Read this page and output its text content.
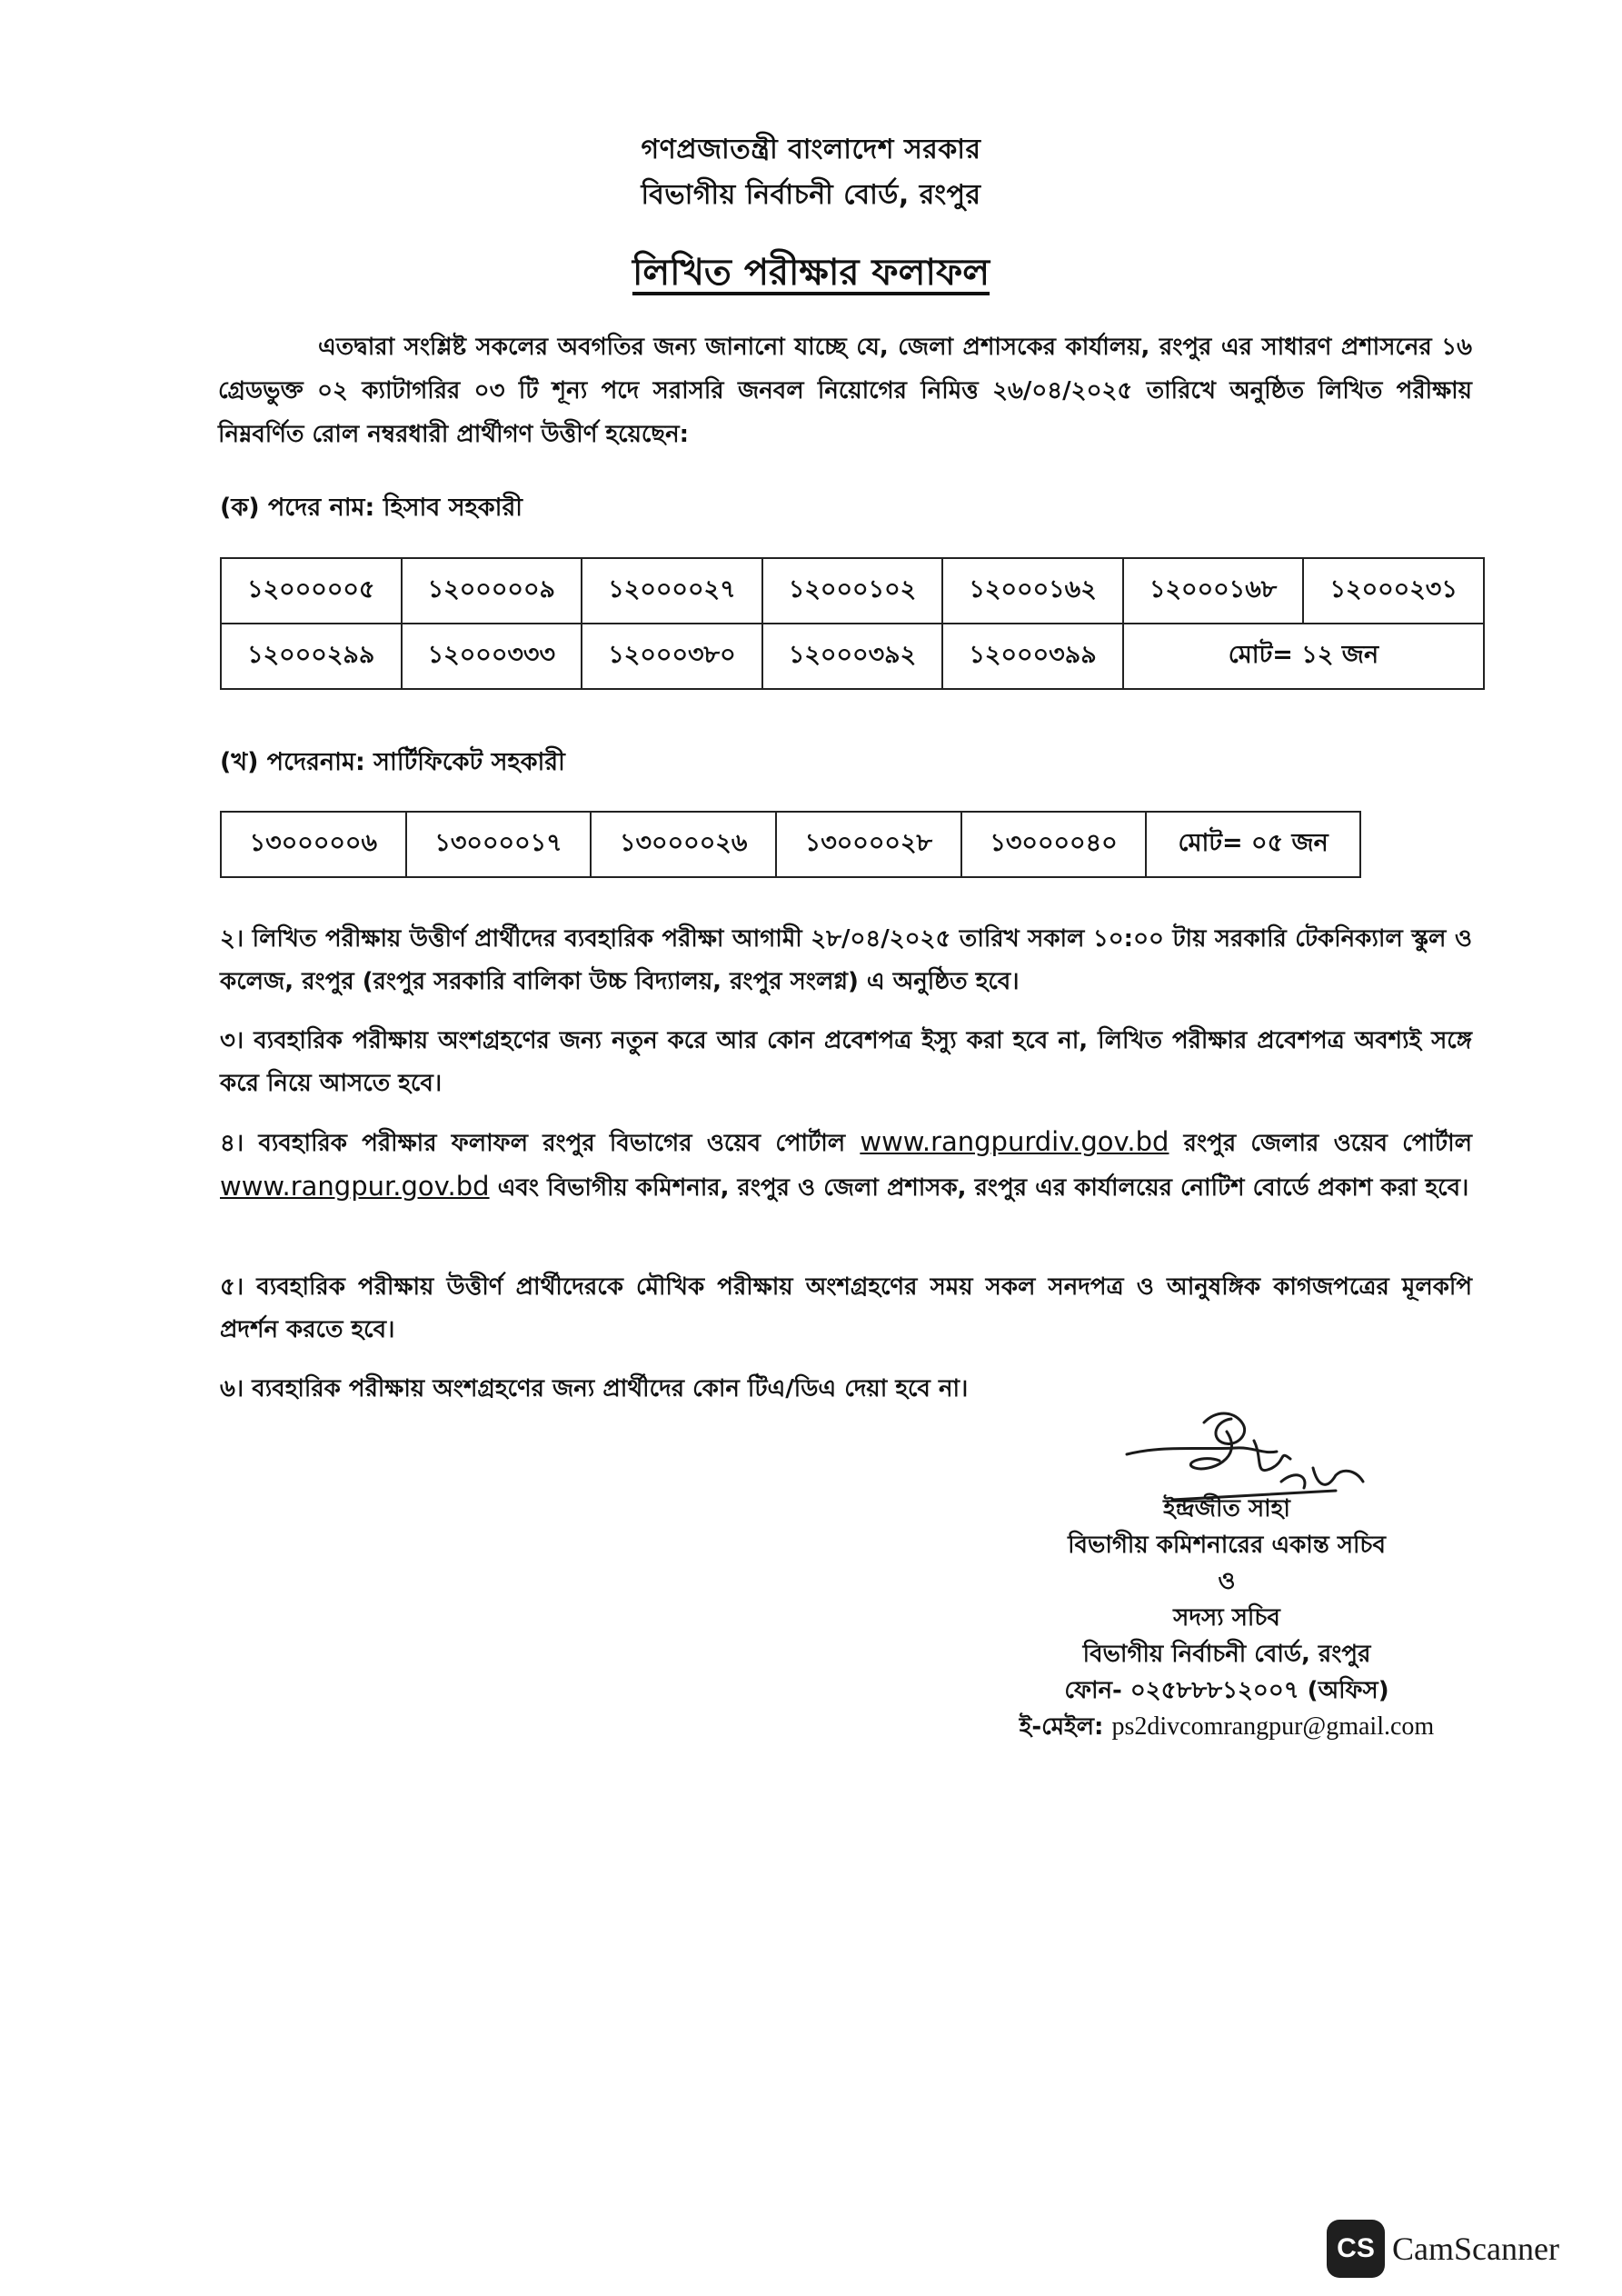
গণপ্রজাতন্ত্রী বাংলাদেশ সরকার
বিভাগীয় নির্বাচনী বোর্ড, রংপুর
লিখিত পরীক্ষার ফলাফল
এতদ্বারা সংশ্লিষ্ট সকলের অবগতির জন্য জানানো যাচ্ছে যে, জেলা প্রশাসকের কার্যালয়, রংপুর এর সাধারণ প্রশাসনের ১৬ গ্রেডভুক্ত ০২ ক্যাটাগরির ০৩ টি শূন্য পদে সরাসরি জনবল নিয়োগের নিমিত্ত ২৬/০৪/২০২৫ তারিখে অনুষ্ঠিত লিখিত পরীক্ষায় নিম্নবর্ণিত রোল নম্বরধারী প্রার্থীগণ উত্তীর্ণ হয়েছেন:
(ক) পদের নাম: হিসাব সহকারী
১২০০০০০৫	১২০০০০০৯	১২০০০০২৭	১২০০০১০২	১২০০০১৬২	১২০০০১৬৮	১২০০০২৩১
১২০০০২৯৯	১২০০০৩৩৩	১২০০০৩৮০	১২০০০৩৯২	১২০০০৩৯৯	মোট= ১২ জন	
(খ) পদেরনাম: সার্টিফিকেট সহকারী
১৩০০০০০৬	১৩০০০০১৭	১৩০০০০২৬	১৩০০০০২৮	১৩০০০০৪০	মোট= ০৫ জন
২। লিখিত পরীক্ষায় উত্তীর্ণ প্রার্থীদের ব্যবহারিক পরীক্ষা আগামী ২৮/০৪/২০২৫ তারিখ সকাল ১০:০০ টায় সরকারি টেকনিক্যাল স্কুল ও কলেজ, রংপুর (রংপুর সরকারি বালিকা উচ্চ বিদ্যালয়, রংপুর সংলগ্ন) এ অনুষ্ঠিত হবে।
৩। ব্যবহারিক পরীক্ষায় অংশগ্রহণের জন্য নতুন করে আর কোন প্রবেশপত্র ইস্যু করা হবে না, লিখিত পরীক্ষার প্রবেশপত্র অবশ্যই সঙ্গে করে নিয়ে আসতে হবে।
৪। ব্যবহারিক পরীক্ষার ফলাফল রংপুর বিভাগের ওয়েব পোর্টাল www.rangpurdiv.gov.bd রংপুর জেলার ওয়েব পোর্টাল www.rangpur.gov.bd এবং বিভাগীয় কমিশনার, রংপুর ও জেলা প্রশাসক, রংপুর এর কার্যালয়ের নোটিশ বোর্ডে প্রকাশ করা হবে।
৫। ব্যবহারিক পরীক্ষায় উত্তীর্ণ প্রার্থীদেরকে মৌখিক পরীক্ষায় অংশগ্রহণের সময় সকল সনদপত্র ও আনুষঙ্গিক কাগজপত্রের মূলকপি প্রদর্শন করতে হবে।
৬। ব্যবহারিক পরীক্ষায় অংশগ্রহণের জন্য প্রার্থীদের কোন টিএ/ডিএ দেয়া হবে না।
ইন্দ্রজীত সাহা
বিভাগীয় কমিশনারের একান্ত সচিব
ও
সদস্য সচিব
বিভাগীয় নির্বাচনী বোর্ড, রংপুর
ফোন- ০২৫৮৮৮১২০০৭ (অফিস)
ই-মেইল: ps2divcomrangpur@gmail.com
CS CamScanner
